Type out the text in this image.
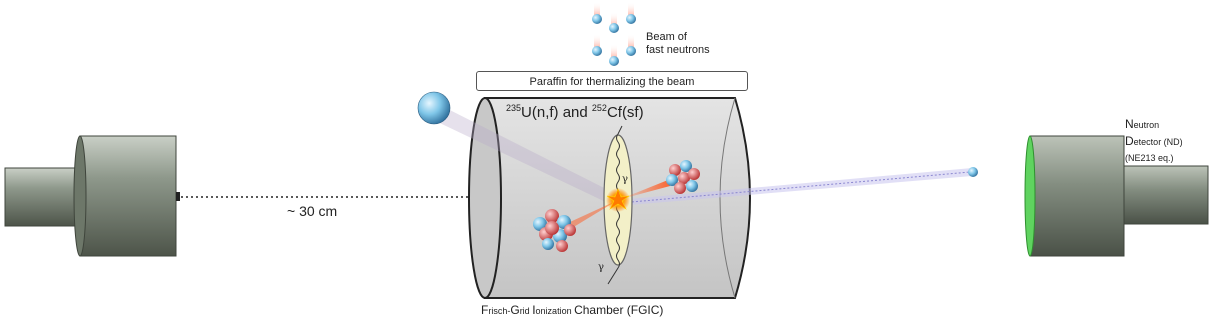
γ
γ
Beam of
fast neutrons
Paraffin for thermalizing the beam
$^{235}$U(n,f) and $^{252}$Cf(sf)
~ 30 cm
Frisch-Grid Ionization Chamber (FGIC)
Neutron
Detector (ND)
(NE213 eq.)
